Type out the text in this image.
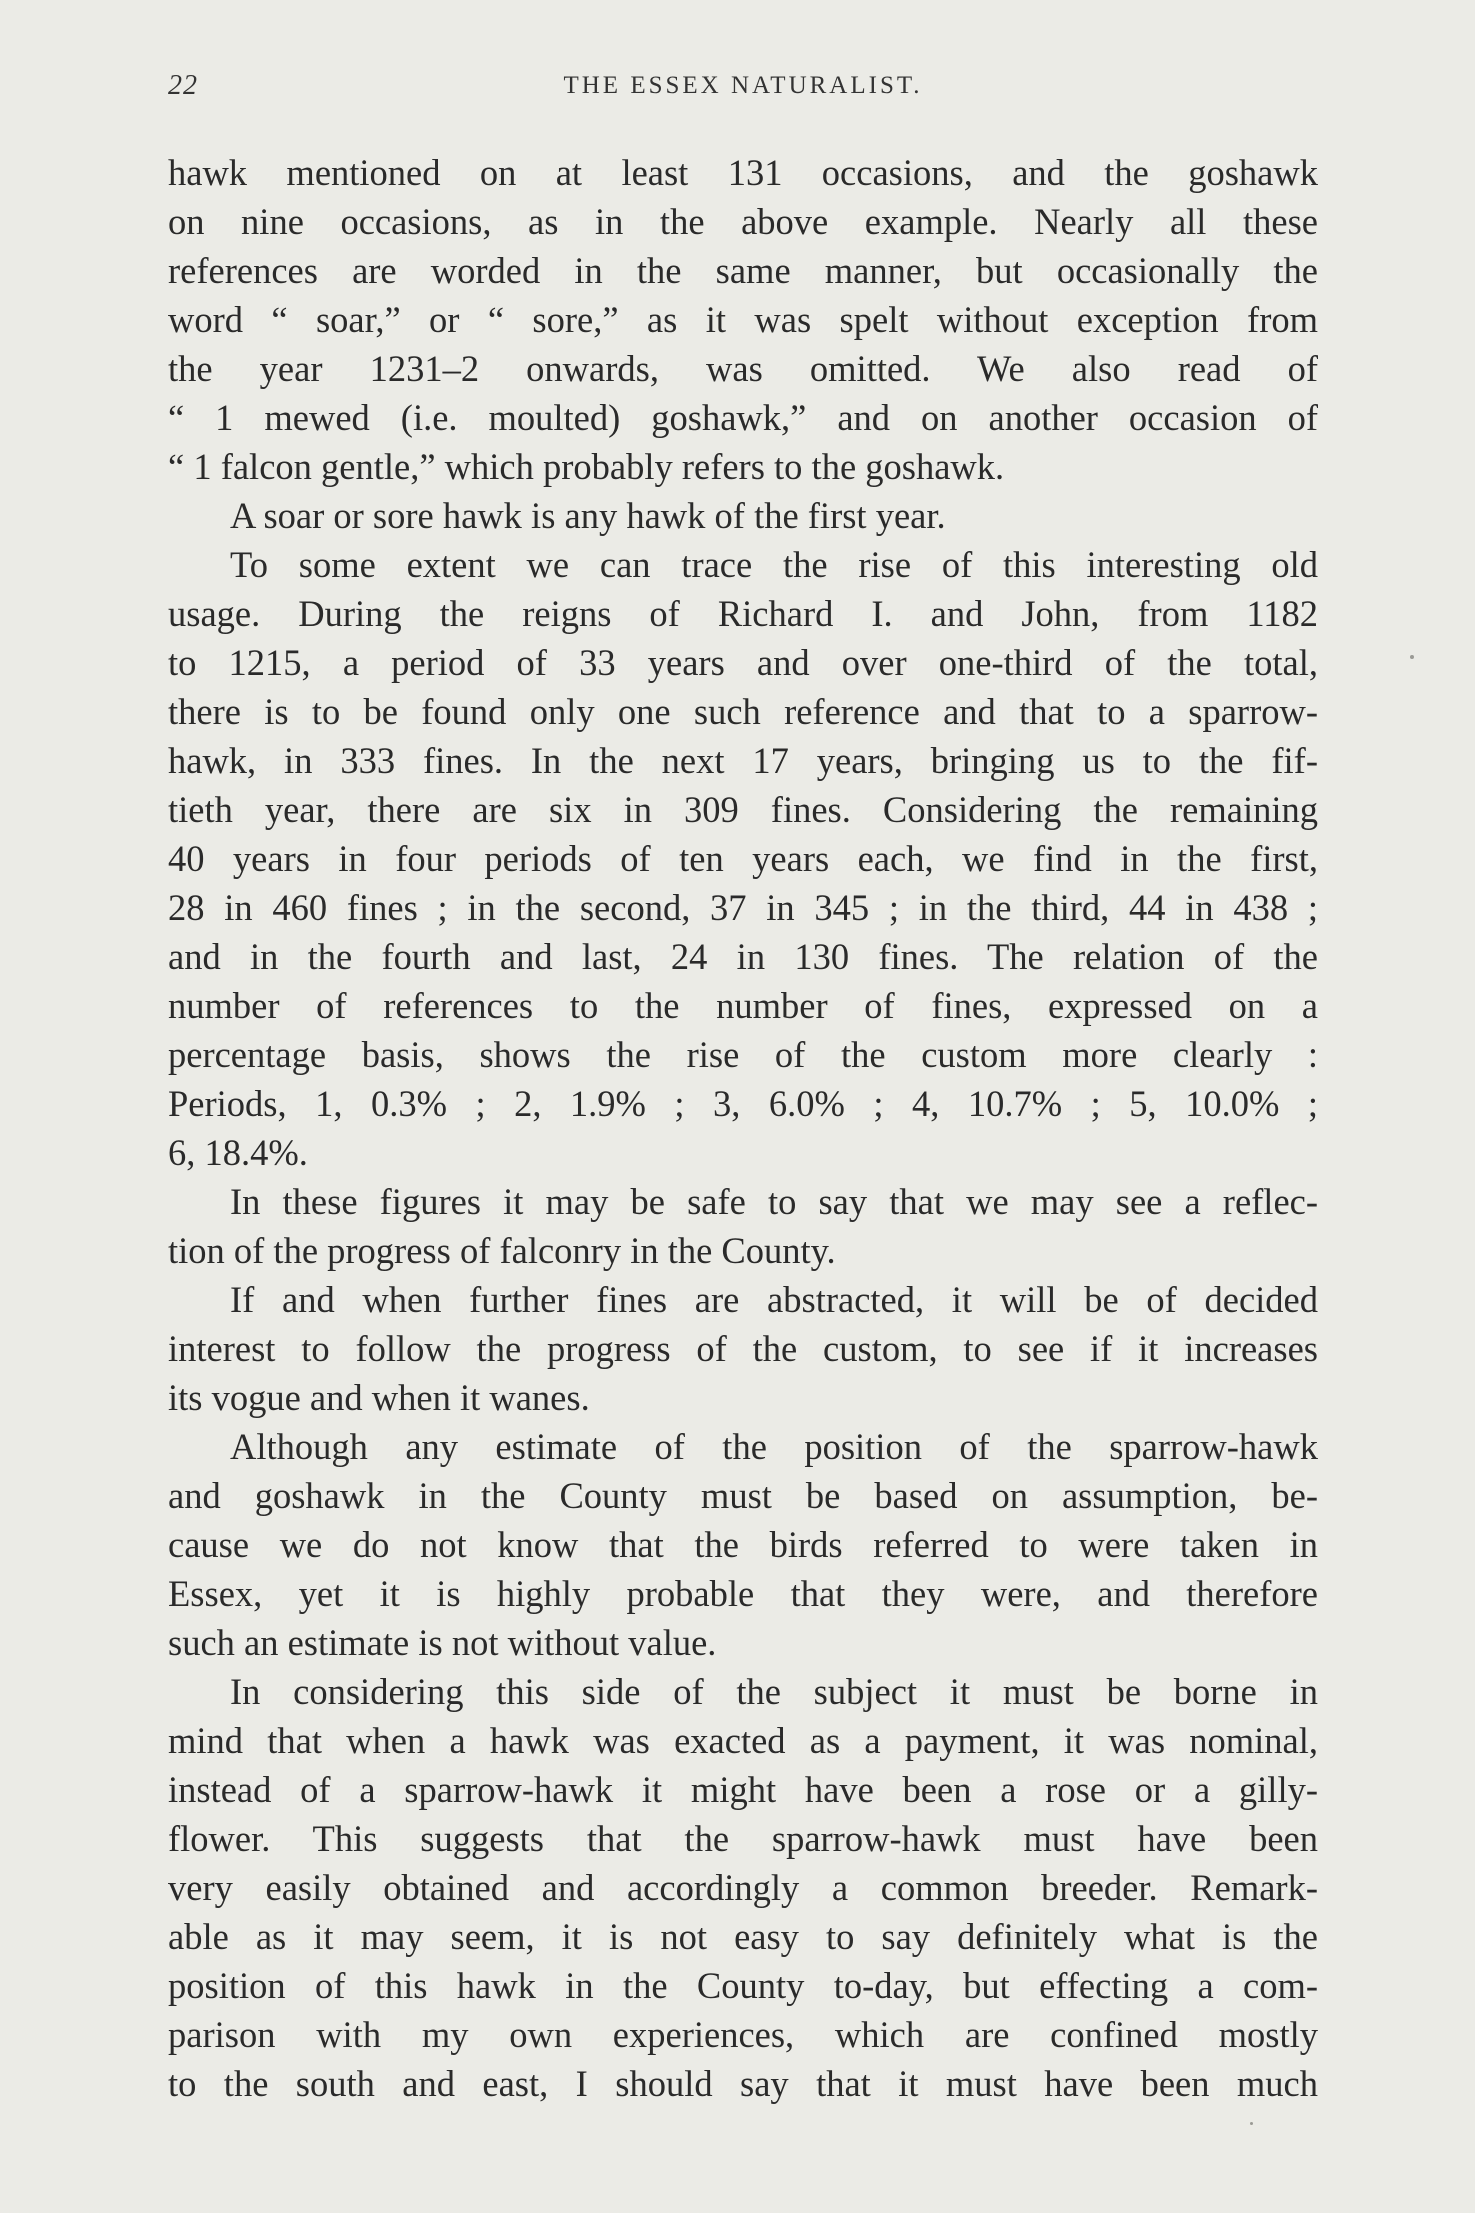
22	THE ESSEX NATURALIST.
hawk mentioned on at least 131 occasions, and the goshawk
on nine occasions, as in the above example. Nearly all these
references are worded in the same manner, but occasionally the
word “ soar,” or “ sore,” as it was spelt without exception from
the year 1231–2 onwards, was omitted. We also read of
“ 1 mewed (i.e. moulted) goshawk,” and on another occasion of
“ 1 falcon gentle,” which probably refers to the goshawk.
A soar or sore hawk is any hawk of the first year.
To some extent we can trace the rise of this interesting old
usage. During the reigns of Richard I. and John, from 1182
to 1215, a period of 33 years and over one-third of the total,
there is to be found only one such reference and that to a sparrow-
hawk, in 333 fines. In the next 17 years, bringing us to the fif-
tieth year, there are six in 309 fines. Considering the remaining
40 years in four periods of ten years each, we find in the first,
28 in 460 fines ; in the second, 37 in 345 ; in the third, 44 in 438 ;
and in the fourth and last, 24 in 130 fines. The relation of the
number of references to the number of fines, expressed on a
percentage basis, shows the rise of the custom more clearly :
Periods, 1, 0.3% ; 2, 1.9% ; 3, 6.0% ; 4, 10.7% ; 5, 10.0% ;
6, 18.4%.
In these figures it may be safe to say that we may see a reflec-
tion of the progress of falconry in the County.
If and when further fines are abstracted, it will be of decided
interest to follow the progress of the custom, to see if it increases
its vogue and when it wanes.
Although any estimate of the position of the sparrow-hawk
and goshawk in the County must be based on assumption, be-
cause we do not know that the birds referred to were taken in
Essex, yet it is highly probable that they were, and therefore
such an estimate is not without value.
In considering this side of the subject it must be borne in
mind that when a hawk was exacted as a payment, it was nominal,
instead of a sparrow-hawk it might have been a rose or a gilly-
flower. This suggests that the sparrow-hawk must have been
very easily obtained and accordingly a common breeder. Remark-
able as it may seem, it is not easy to say definitely what is the
position of this hawk in the County to-day, but effecting a com-
parison with my own experiences, which are confined mostly
to the south and east, I should say that it must have been much
